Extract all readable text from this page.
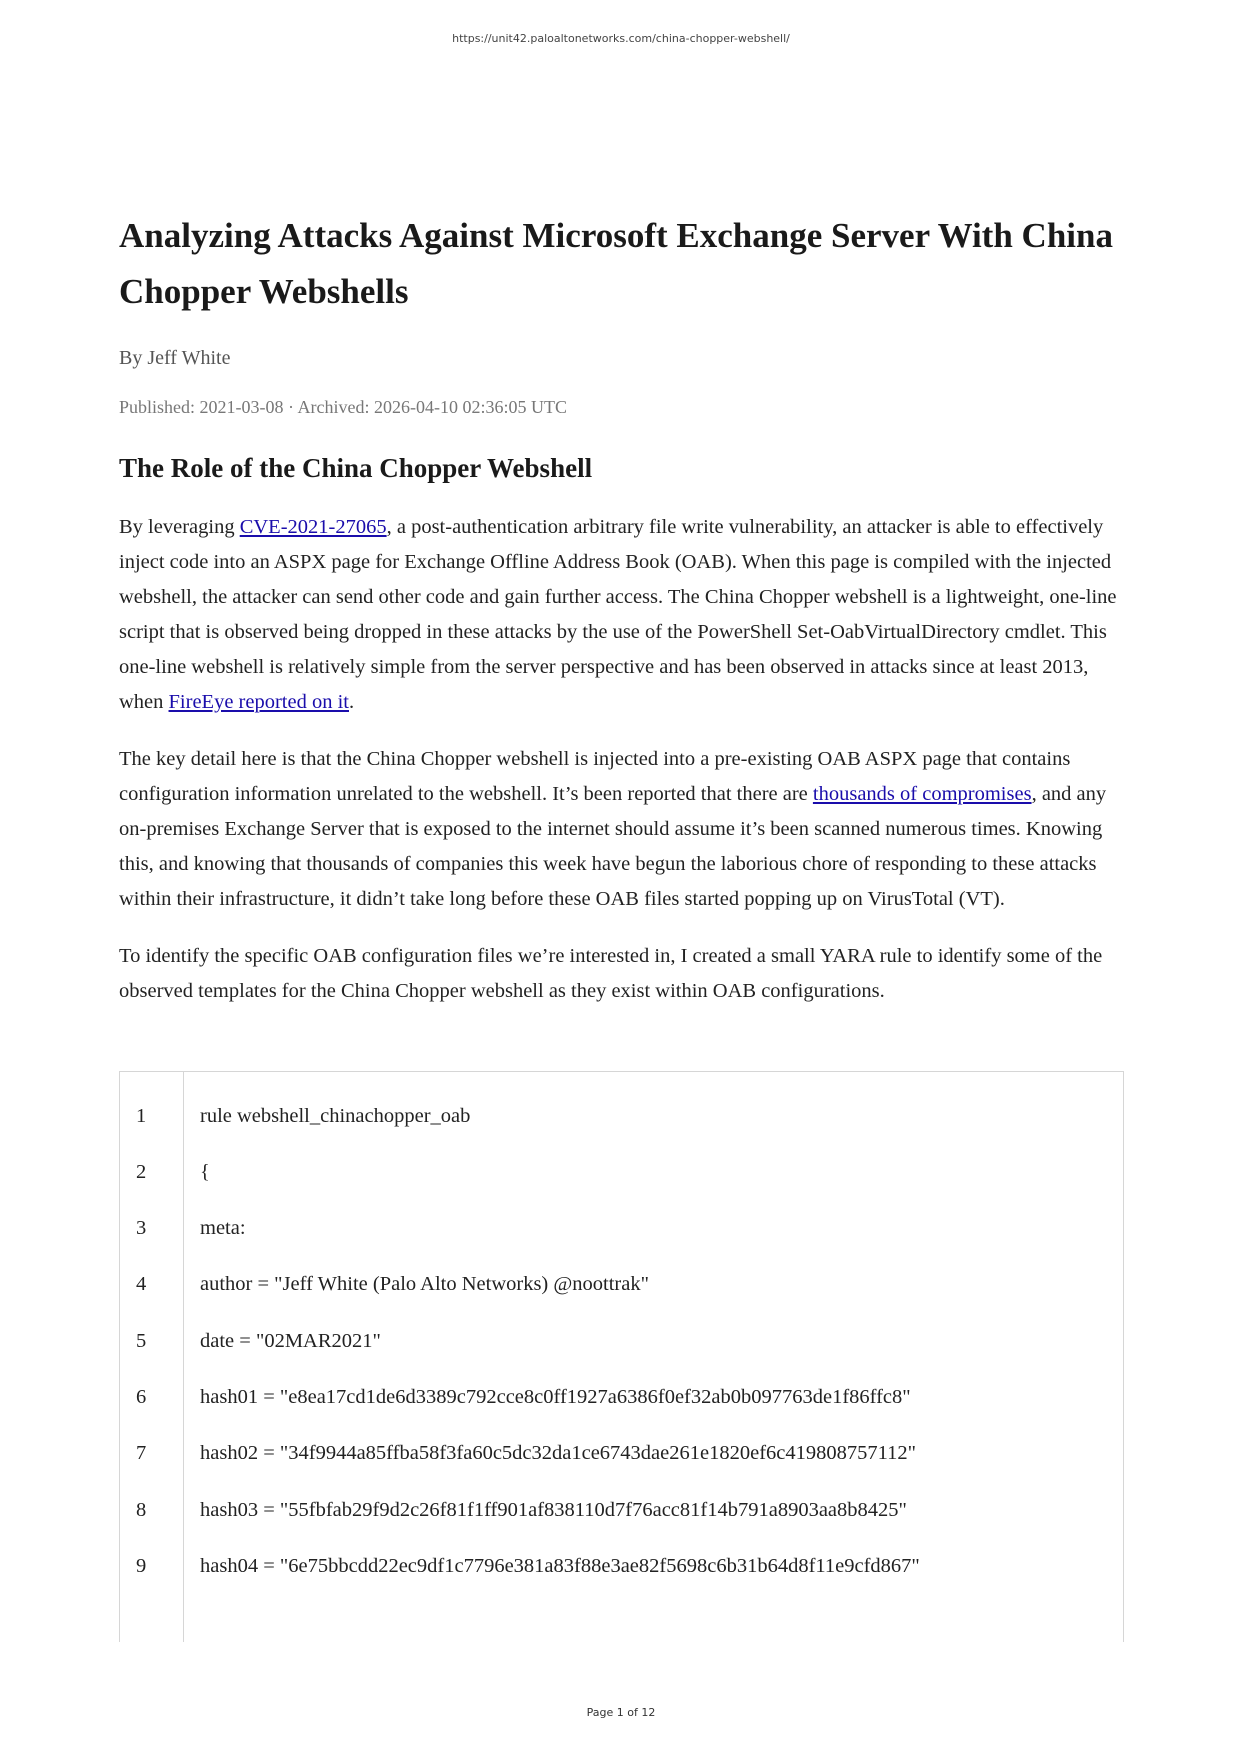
https://unit42.paloaltonetworks.com/china-chopper-webshell/
Analyzing Attacks Against Microsoft Exchange Server With China Chopper Webshells
By Jeff White
Published: 2021-03-08 · Archived: 2026-04-10 02:36:05 UTC
The Role of the China Chopper Webshell

By leveraging CVE-2021-27065, a post-authentication arbitrary file write vulnerability, an attacker is able to effectively inject code into an ASPX page for Exchange Offline Address Book (OAB). When this page is compiled with the injected webshell, the attacker can send other code and gain further access. The China Chopper webshell is a lightweight, one-line script that is observed being dropped in these attacks by the use of the PowerShell Set-OabVirtualDirectory cmdlet. This one-line webshell is relatively simple from the server perspective and has been observed in attacks since at least 2013, when FireEye reported on it.

The key detail here is that the China Chopper webshell is injected into a pre-existing OAB ASPX page that contains configuration information unrelated to the webshell. It’s been reported that there are thousands of compromises, and any on-premises Exchange Server that is exposed to the internet should assume it’s been scanned numerous times. Knowing this, and knowing that thousands of companies this week have begun the laborious chore of responding to these attacks within their infrastructure, it didn’t take long before these OAB files started popping up on VirusTotal (VT).

To identify the specific OAB configuration files we’re interested in, I created a small YARA rule to identify some of the observed templates for the China Chopper webshell as they exist within OAB configurations.

1	rule webshell_chinachopper_oab
2	{
3	meta:
4	author = "Jeff White (Palo Alto Networks) @noottrak"
5	date = "02MAR2021"
6	hash01 = "e8ea17cd1de6d3389c792cce8c0ff1927a6386f0ef32ab0b097763de1f86ffc8"
7	hash02 = "34f9944a85ffba58f3fa60c5dc32da1ce6743dae261e1820ef6c419808757112"
8	hash03 = "55fbfab29f9d2c26f81f1ff901af838110d7f76acc81f14b791a8903aa8b8425"
9	hash04 = "6e75bbcdd22ec9df1c7796e381a83f88e3ae82f5698c6b31b64d8f11e9cfd867"
Page 1 of 12
